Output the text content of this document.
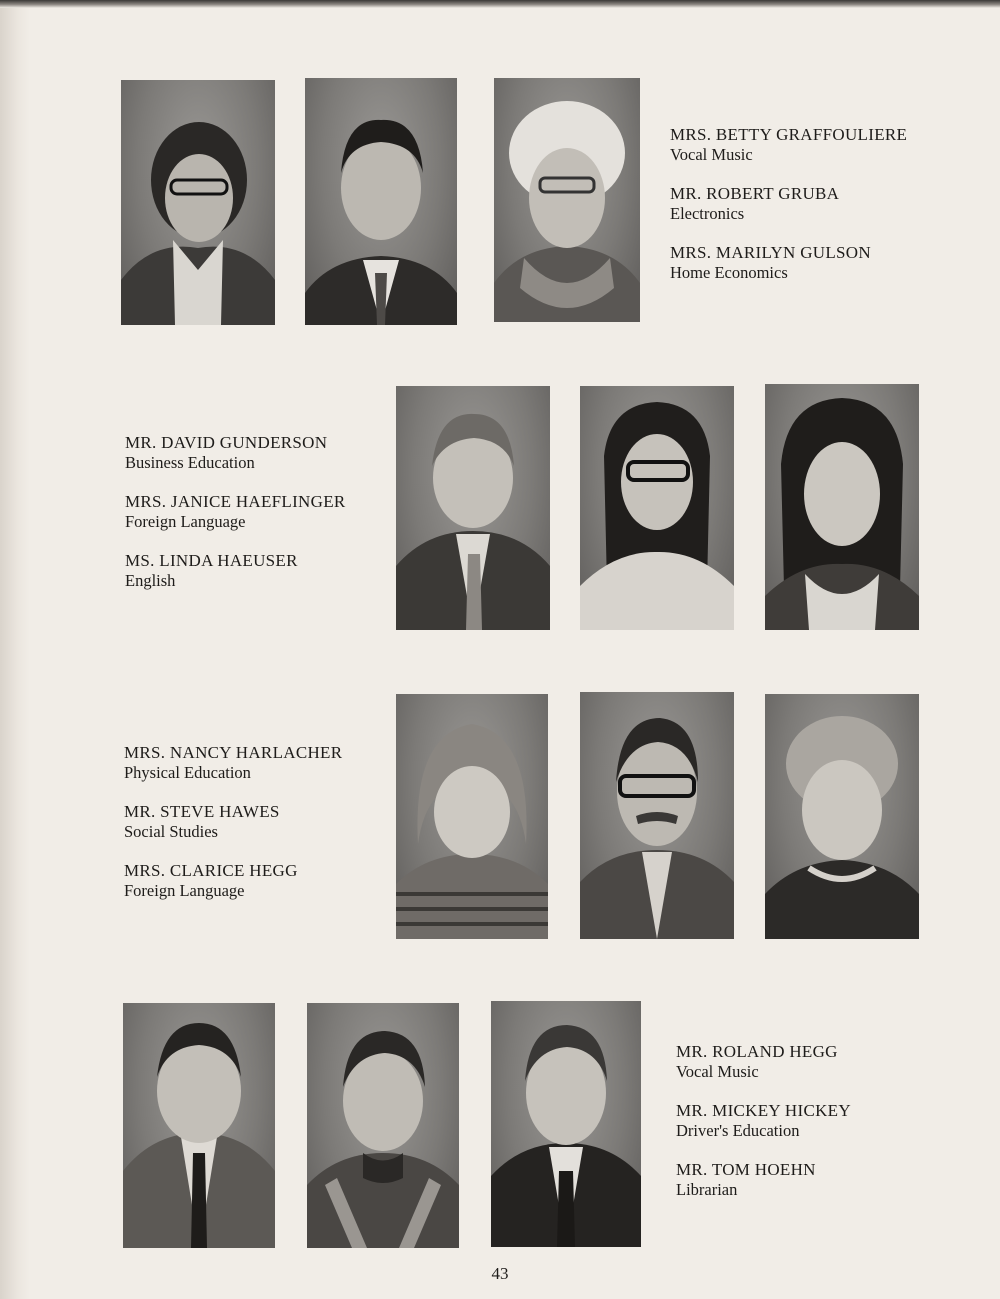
MRS. BETTY GRAFFOULIERE
Vocal Music
MR. ROBERT GRUBA
Electronics
MRS. MARILYN GULSON
Home Economics
MR. DAVID GUNDERSON
Business Education
MRS. JANICE HAEFLINGER
Foreign Language
MS. LINDA HAEUSER
English
MRS. NANCY HARLACHER
Physical Education
MR. STEVE HAWES
Social Studies
MRS. CLARICE HEGG
Foreign Language
MR. ROLAND HEGG
Vocal Music
MR. MICKEY HICKEY
Driver's Education
MR. TOM HOEHN
Librarian
43
